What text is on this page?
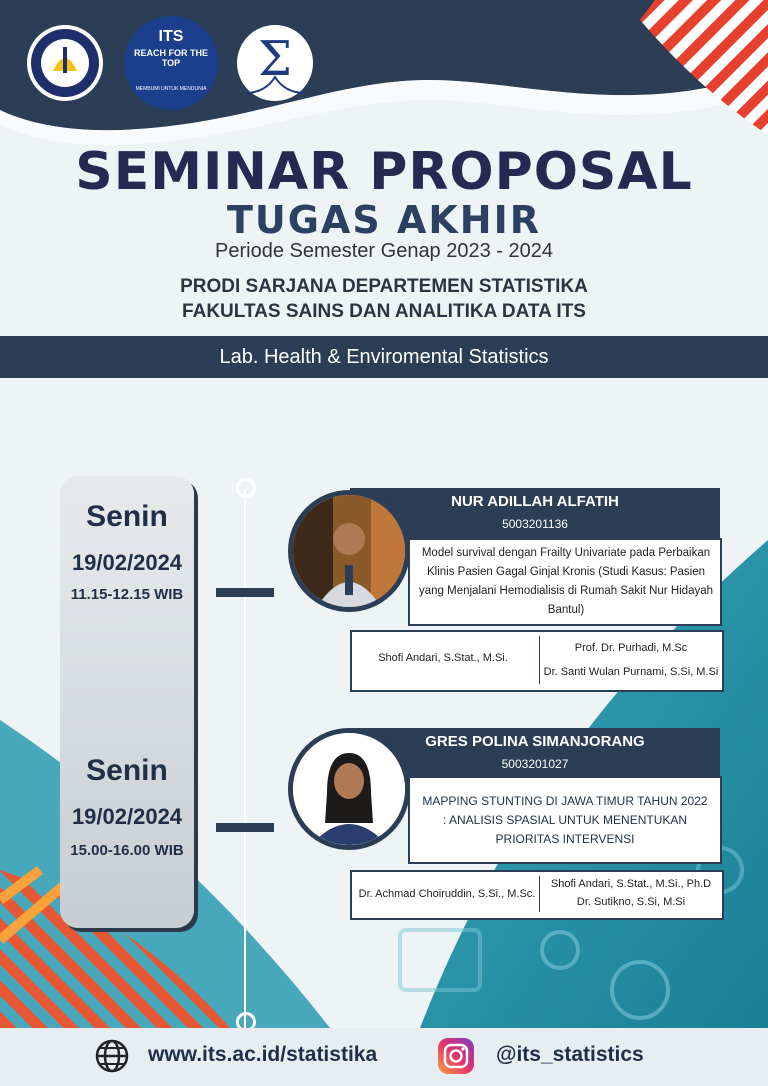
ITS
REACH FOR THE TOP
MEMBUMI UNTUK MENDUNIA
Σ
SEMINAR PROPOSAL
TUGAS AKHIR
Periode Semester Genap 2023 - 2024
PRODI SARJANA DEPARTEMEN STATISTIKA
FAKULTAS SAINS DAN ANALITIKA DATA ITS
Lab. Health & Enviromental Statistics
Senin
19/02/2024
11.15-12.15 WIB
Senin
19/02/2024
15.00-16.00 WIB
NUR ADILLAH ALFATIH
5003201136
Model survival dengan Frailty Univariate pada Perbaikan Klinis Pasien Gagal Ginjal Kronis (Studi Kasus: Pasien yang Menjalani Hemodialisis di Rumah Sakit Nur Hidayah Bantul)
Shofi Andari, S.Stat., M.Si.
Prof. Dr. Purhadi, M.Sc
Dr. Santi Wulan Purnami, S.Si, M.Si
GRES POLINA SIMANJORANG
5003201027
MAPPING STUNTING DI JAWA TIMUR TAHUN 2022 : ANALISIS SPASIAL UNTUK MENENTUKAN PRIORITAS INTERVENSI
Dr. Achmad Choiruddin, S.Si., M.Sc.
Shofi Andari, S.Stat., M.Si., Ph.D
Dr. Sutikno, S.Si, M.Si
www.its.ac.id/statistika	@its_statistics
